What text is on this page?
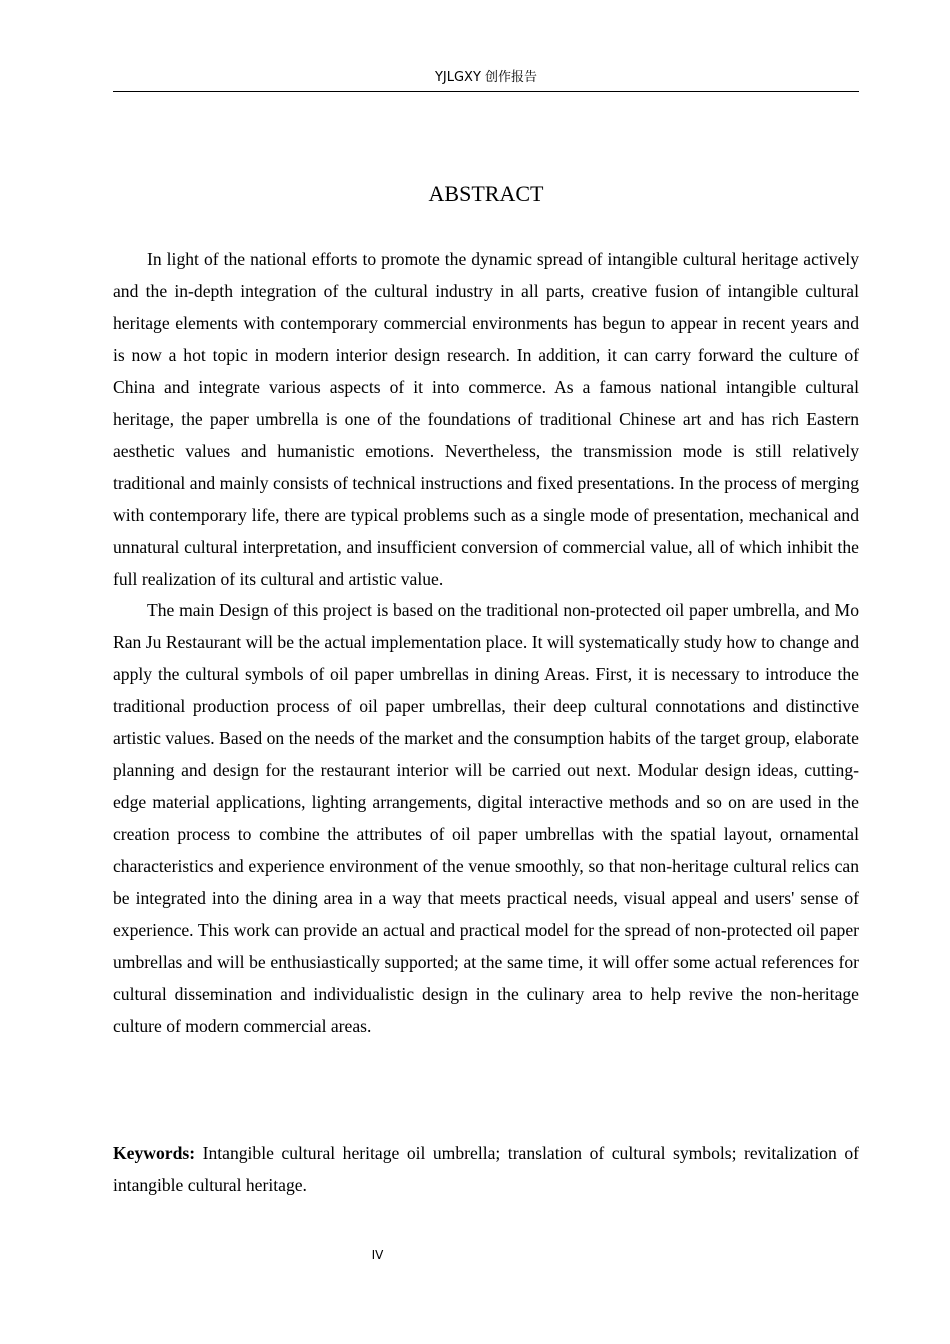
YJLGXY 创作报告
ABSTRACT

In light of the national efforts to promote the dynamic spread of intangible cultural heritage actively and the in-depth integration of the cultural industry in all parts, creative fusion of intangible cultural heritage elements with contemporary commercial environments has begun to appear in recent years and is now a hot topic in modern interior design research. In addition, it can carry forward the culture of China and integrate various aspects of it into commerce. As a famous national intangible cultural heritage, the paper umbrella is one of the foundations of traditional Chinese art and has rich Eastern aesthetic values and humanistic emotions. Nevertheless, the transmission mode is still relatively traditional and mainly consists of technical instructions and fixed presentations. In the process of merging with contemporary life, there are typical problems such as a single mode of presentation, mechanical and unnatural cultural interpretation, and insufficient conversion of commercial value, all of which inhibit the full realization of its cultural and artistic value.

The main Design of this project is based on the traditional non-protected oil paper umbrella, and Mo Ran Ju Restaurant will be the actual implementation place. It will systematically study how to change and apply the cultural symbols of oil paper umbrellas in dining Areas. First, it is necessary to introduce the traditional production process of oil paper umbrellas, their deep cultural connotations and distinctive artistic values. Based on the needs of the market and the consumption habits of the target group, elaborate planning and design for the restaurant interior will be carried out next. Modular design ideas, cutting-edge material applications, lighting arrangements, digital interactive methods and so on are used in the creation process to combine the attributes of oil paper umbrellas with the spatial layout, ornamental characteristics and experience environment of the venue smoothly, so that non-heritage cultural relics can be integrated into the dining area in a way that meets practical needs, visual appeal and users' sense of experience. This work can provide an actual and practical model for the spread of non-protected oil paper umbrellas and will be enthusiastically supported; at the same time, it will offer some actual references for cultural dissemination and individualistic design in the culinary area to help revive the non-heritage culture of modern commercial areas.

Keywords: Intangible cultural heritage oil umbrella; translation of cultural symbols; revitalization of intangible cultural heritage.

IV
